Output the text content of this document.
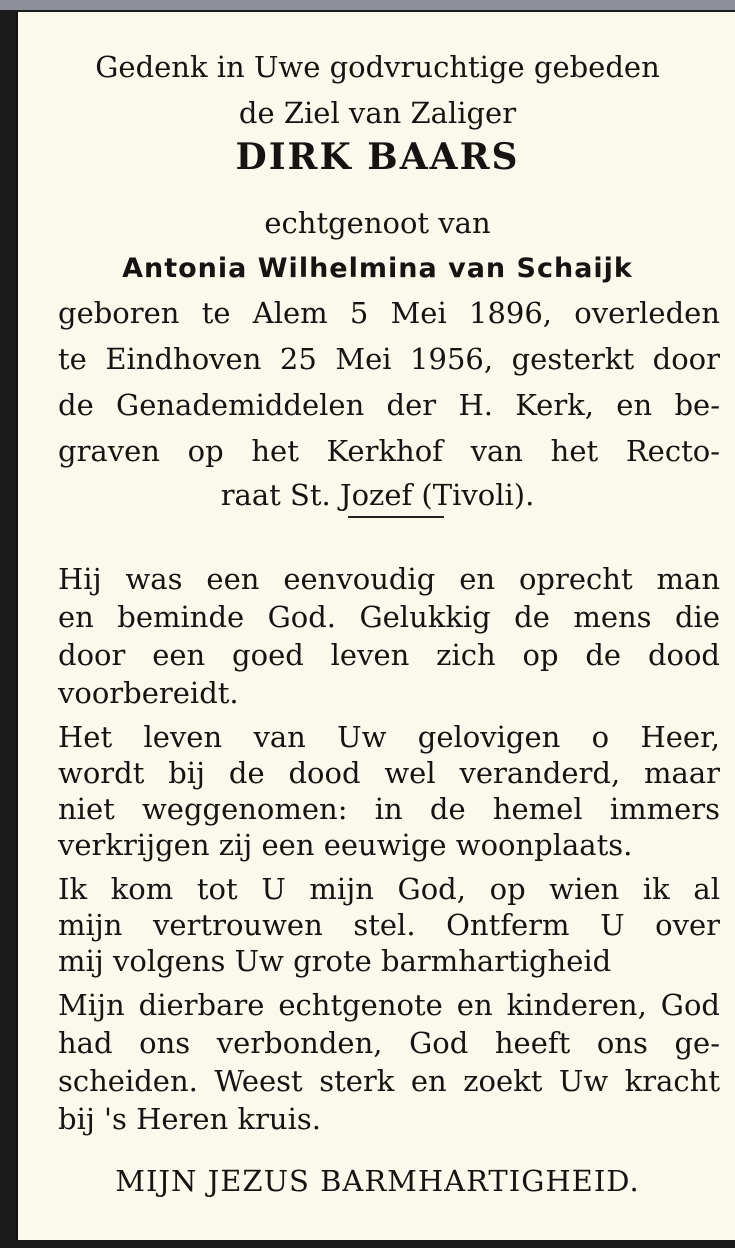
Gedenk in Uwe godvruchtige gebeden
de Ziel van Zaliger
DIRK BAARS
echtgenoot van
Antonia Wilhelmina van Schaijk
geboren te Alem 5 Mei 1896, overleden
te Eindhoven 25 Mei 1956, gesterkt door
de Genademiddelen der H. Kerk, en be-
graven op het Kerkhof van het Recto-
raat St. Jozef (Tivoli).
Hij was een eenvoudig en oprecht man
en beminde God. Gelukkig de mens die
door een goed leven zich op de dood
voorbereidt.
Het leven van Uw gelovigen o Heer,
wordt bij de dood wel veranderd, maar
niet weggenomen: in de hemel immers
verkrijgen zij een eeuwige woonplaats.
Ik kom tot U mijn God, op wien ik al
mijn vertrouwen stel. Ontferm U over
mij volgens Uw grote barmhartigheid
Mijn dierbare echtgenote en kinderen, God
had ons verbonden, God heeft ons ge-
scheiden. Weest sterk en zoekt Uw kracht
bij 's Heren kruis.
MIJN JEZUS BARMHARTIGHEID.
